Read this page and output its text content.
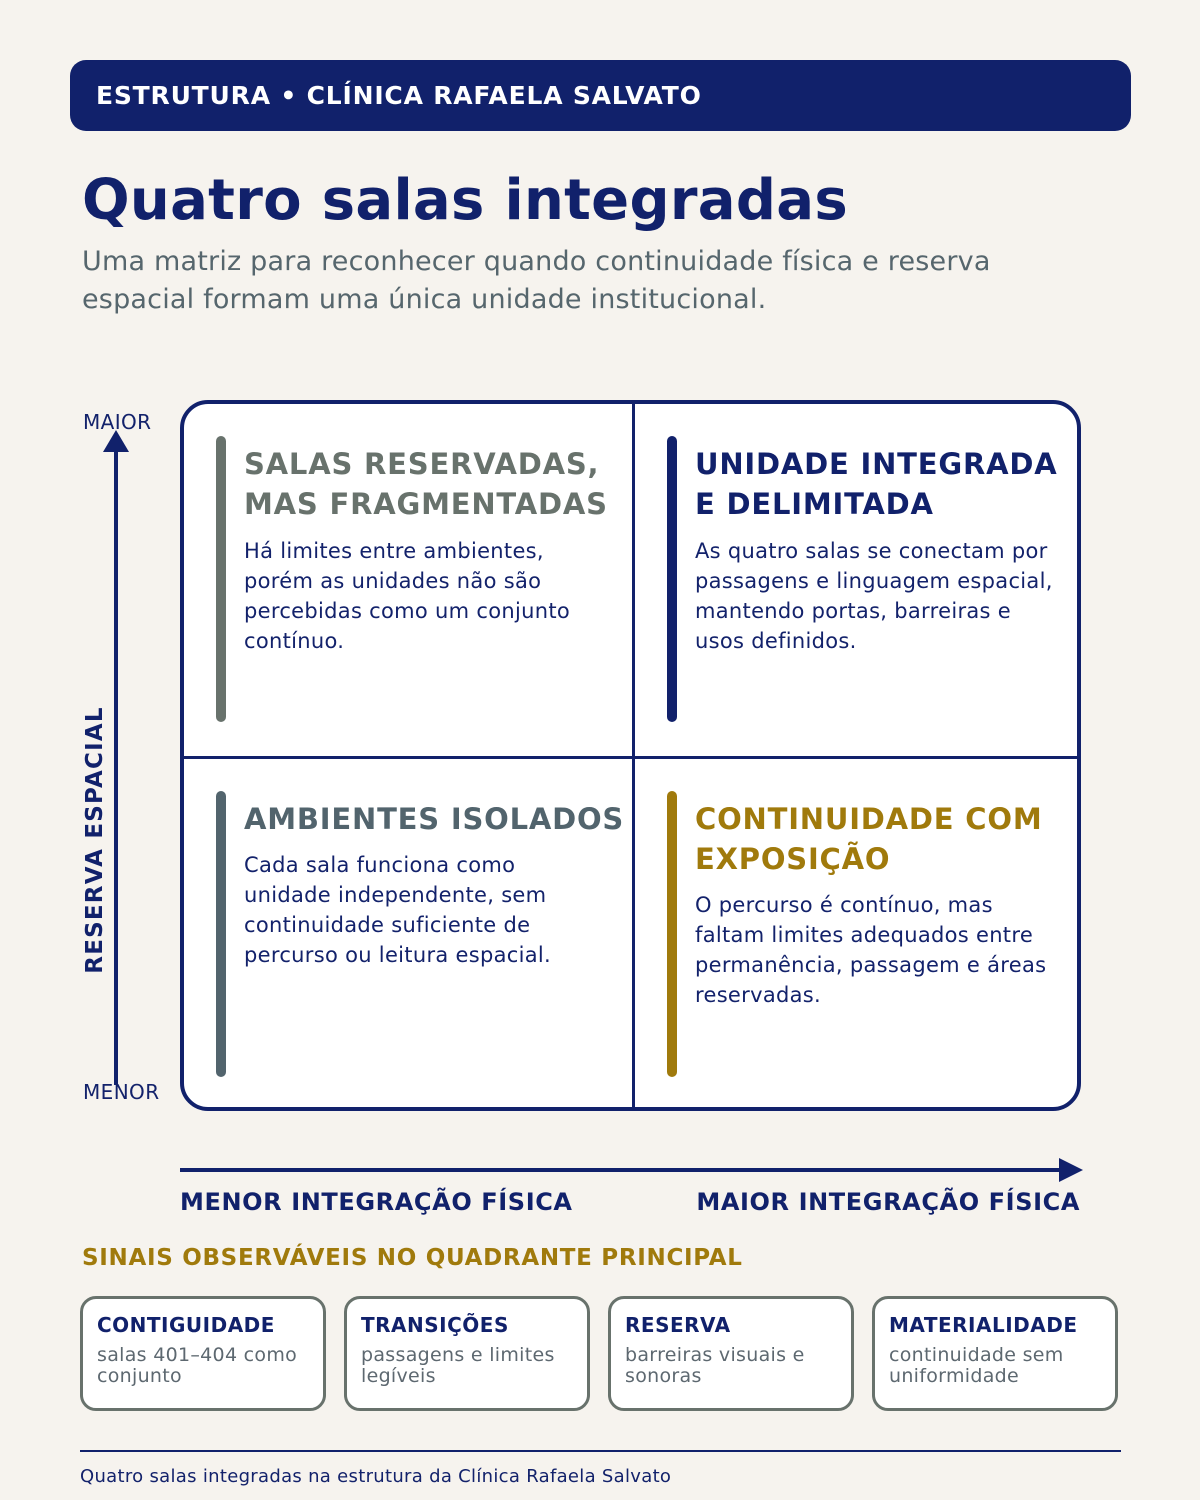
ESTRUTURA • CLÍNICA RAFAELA SALVATO
Quatro salas integradas

Uma matriz para reconhecer quando continuidade física e reserva espacial formam uma única unidade institucional.

MAIOR
MENOR
RESERVA ESPACIAL
SALAS RESERVADAS, MAS FRAGMENTADAS

Há limites entre ambientes, porém as unidades não são percebidas como um conjunto contínuo.

UNIDADE INTEGRADA E DELIMITADA

As quatro salas se conectam por passagens e linguagem espacial, mantendo portas, barreiras e usos definidos.

AMBIENTES ISOLADOS

Cada sala funciona como unidade independente, sem continuidade suficiente de percurso ou leitura espacial.

CONTINUIDADE COM EXPOSIÇÃO

O percurso é contínuo, mas faltam limites adequados entre permanência, passagem e áreas reservadas.

MENOR INTEGRAÇÃO FÍSICA	MAIOR INTEGRAÇÃO FÍSICA
SINAIS OBSERVÁVEIS NO QUADRANTE PRINCIPAL
CONTIGUIDADE
salas 401–404 como conjunto
TRANSIÇÕES
passagens e limites legíveis
RESERVA
barreiras visuais e sonoras
MATERIALIDADE
continuidade sem uniformidade
Quatro salas integradas na estrutura da Clínica Rafaela Salvato
